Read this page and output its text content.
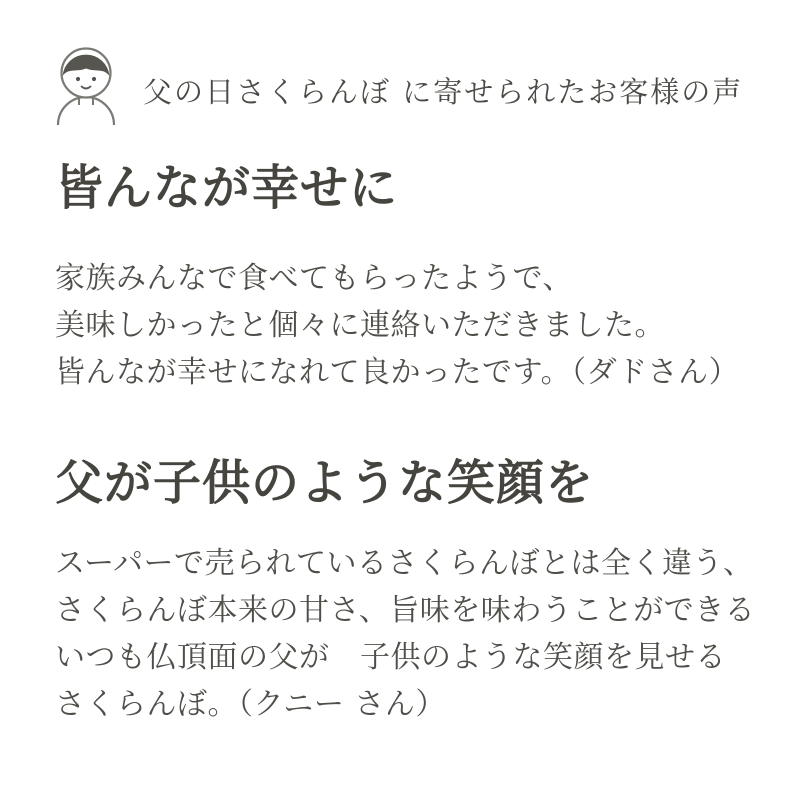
父の日さくらんぼ に寄せられたお客様の声
皆んなが幸せに

家族みんなで食べてもらったようで、
美味しかったと個々に連絡いただきました。
皆んなが幸せになれて良かったです。（ダドさん）

父が子供のような笑顔を

スーパーで売られているさくらんぼとは全く違う、
さくらんぼ本来の甘さ、旨味を味わうことができる
いつも仏頂面の父が　子供のような笑顔を見せる
さくらんぼ。（クニー さん）
